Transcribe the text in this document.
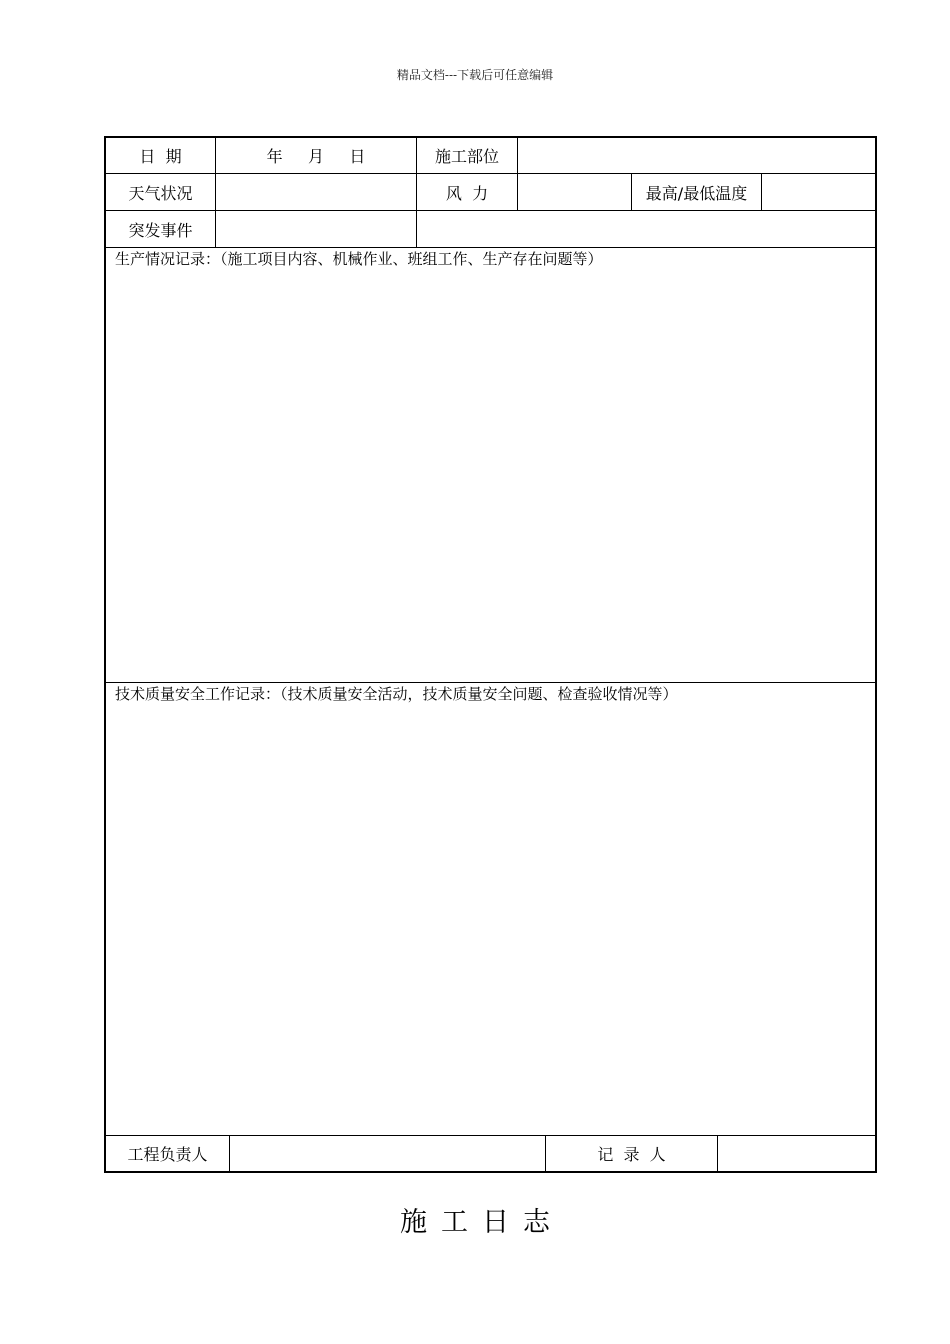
精品文档---下载后可任意编辑
日  期	年     月     日	施工部位
天气状况	风  力	最高/最低温度
突发事件
生产情况记录：（施工项目内容、机械作业、班组工作、生产存在问题等）
技术质量安全工作记录：（技术质量安全活动，技术质量安全问题、检查验收情况等）
工程负责人	记  录  人
施工日志
